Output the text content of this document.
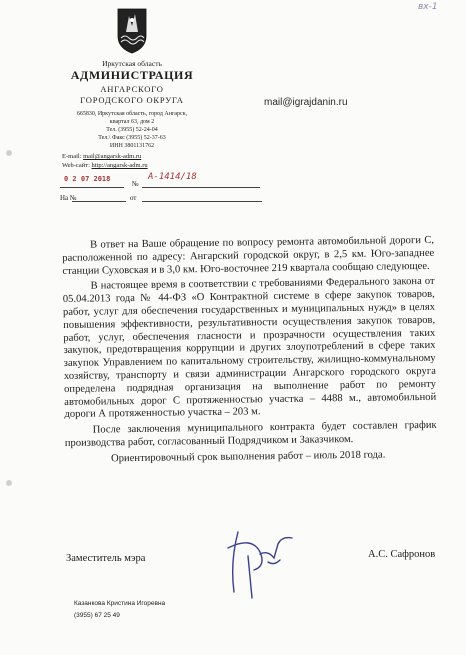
вх-1
Иркутская область
АДМИНИСТРАЦИЯ
АНГАРСКОГО
ГОРОДСКОГО ОКРУГА
665830, Иркутская область, город Ангарск,
квартал 63, дом 2
Тел. (3955) 52-24-04
Тел.\ Факс (3955) 52-37-63
ИНН 3801131762
E-mail: mail@angarsk-adm.ru
Web-сайт: http://angarsk-adm.ru
mail@igrajdanin.ru
0 2 07 2018
№
А-1414/18
На №	от

В ответ на Ваше обращение по вопросу ремонта автомобильной дороги С, расположенной по адресу: Ангарский городской округ, в 2,5 км. Юго-западнее станции Суховская и в 3,0 км. Юго-восточнее 219 квартала сообщаю следующее.

В настоящее время в соответствии с требованиями Федерального закона от 05.04.2013 года № 44-ФЗ «О Контрактной системе в сфере закупок товаров, работ, услуг для обеспечения государственных и муниципальных нужд» в целях повышения эффективности, результативности осуществления закупок товаров, работ, услуг, обеспечения гласности и прозрачности осуществления таких закупок, предотвращения коррупции и других злоупотреблений в сфере таких закупок Управлением по капитальному строительству, жилищно-коммунальному хозяйству, транспорту и связи администрации Ангарского городского округа определена подрядная организация на выполнение работ по ремонту автомобильных дорог С протяженностью участка – 4488 м., автомобильной дороги А протяженностью участка – 203 м.

После заключения муниципального контракта будет составлен график производства работ, согласованный Подрядчиком и Заказчиком.

Ориентировочный срок выполнения работ – июль 2018 года.

Заместитель мэра	А.С. Сафронов
Казанкова Кристина Игоревна
(3955) 67 25 49
